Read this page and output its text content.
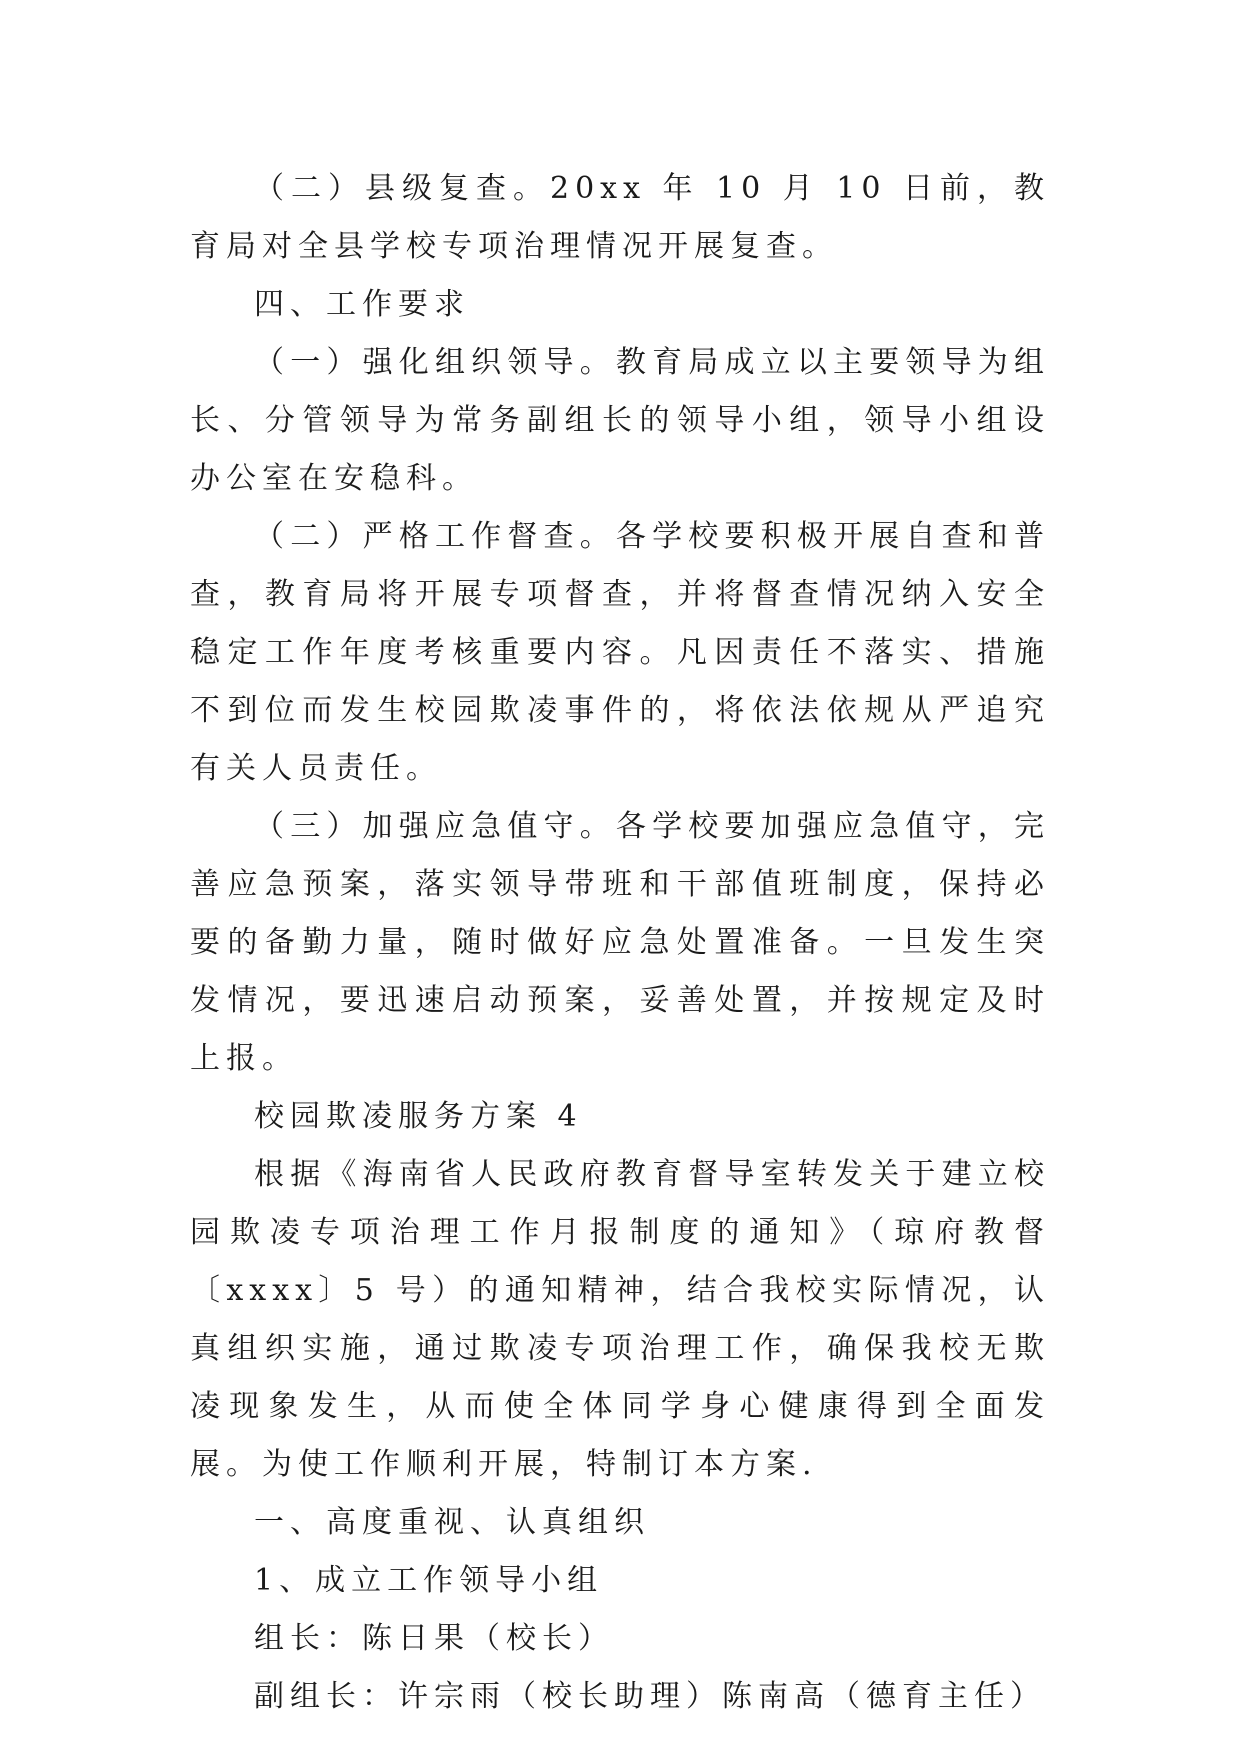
（二）县级复查。20xx 年 10 月 10 日前，教育局对全县学校专项治理情况开展复查。

四、工作要求

（一）强化组织领导。教育局成立以主要领导为组长、分管领导为常务副组长的领导小组，领导小组设办公室在安稳科。

（二）严格工作督查。各学校要积极开展自查和普查，教育局将开展专项督查，并将督查情况纳入安全稳定工作年度考核重要内容。凡因责任不落实、措施不到位而发生校园欺凌事件的，将依法依规从严追究有关人员责任。

（三）加强应急值守。各学校要加强应急值守，完善应急预案，落实领导带班和干部值班制度，保持必要的备勤力量，随时做好应急处置准备。一旦发生突发情况，要迅速启动预案，妥善处置，并按规定及时上报。

校园欺凌服务方案 4

根据《海南省人民政府教育督导室转发关于建立校园欺凌专项治理工作月报制度的通知》（琼府教督〔xxxx〕5 号）的通知精神，结合我校实际情况，认真组织实施，通过欺凌专项治理工作，确保我校无欺凌现象发生，从而使全体同学身心健康得到全面发展。为使工作顺利开展，特制订本方案.

一、高度重视、认真组织

1、成立工作领导小组

组长：陈日果（校长）

副组长：许宗雨（校长助理）陈南高（德育主任）
